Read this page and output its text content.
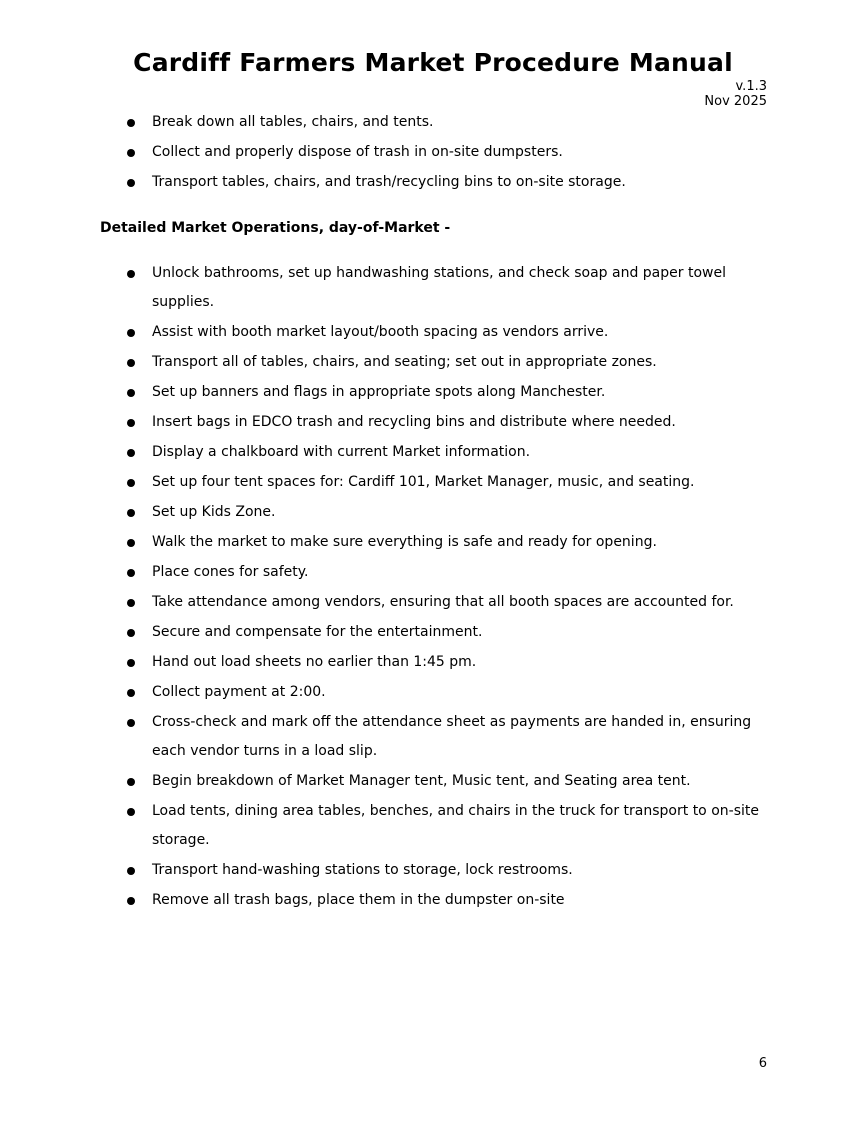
Cardiff Farmers Market Procedure Manual
v.1.3
Nov 2025
Break down all tables, chairs, and tents.
Collect and properly dispose of trash in on-site dumpsters.
Transport tables, chairs, and trash/recycling bins to on-site storage.
Detailed Market Operations, day-of-Market -
Unlock bathrooms, set up handwashing stations, and check soap and paper towel supplies.
Assist with booth market layout/booth spacing as vendors arrive.
Transport all of tables, chairs, and seating; set out in appropriate zones.
Set up banners and flags in appropriate spots along Manchester.
Insert bags in EDCO trash and recycling bins and distribute where needed.
Display a chalkboard with current Market information.
Set up four tent spaces for: Cardiff 101, Market Manager, music, and seating.
Set up Kids Zone.
Walk the market to make sure everything is safe and ready for opening.
Place cones for safety.
Take attendance among vendors, ensuring that all booth spaces are accounted for.
Secure and compensate for the entertainment.
Hand out load sheets no earlier than 1:45 pm.
Collect payment at 2:00.
Cross-check and mark off the attendance sheet as payments are handed in, ensuring each vendor turns in a load slip.
Begin breakdown of Market Manager tent, Music tent, and Seating area tent.
Load tents, dining area tables, benches, and chairs in the truck for transport to on-site storage.
Transport hand-washing stations to storage, lock restrooms.
Remove all trash bags, place them in the dumpster on-site
6
